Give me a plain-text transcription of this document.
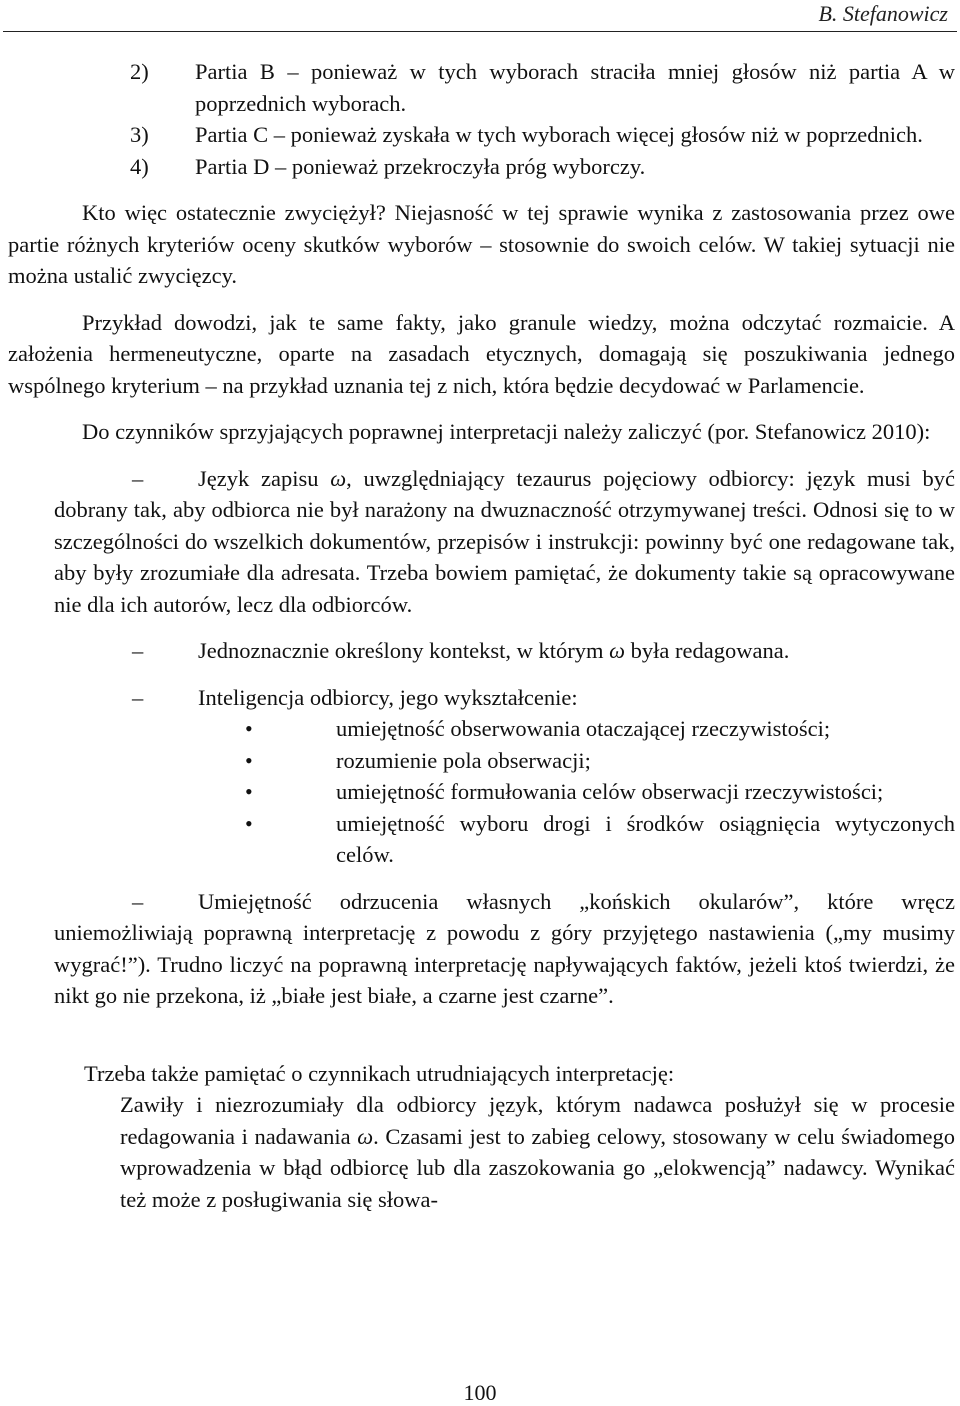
B. Stefanowicz
2) Partia B – ponieważ w tych wyborach straciła mniej głosów niż partia A w poprzednich wyborach.
3) Partia C – ponieważ zyskała w tych wyborach więcej głosów niż w poprzednich.
4) Partia D – ponieważ przekroczyła próg wyborczy.

Kto więc ostatecznie zwyciężył? Niejasność w tej sprawie wynika z zastosowania przez owe partie różnych kryteriów oceny skutków wyborów – stosownie do swoich celów. W takiej sytuacji nie można ustalić zwycięzcy.

Przykład dowodzi, jak te same fakty, jako granule wiedzy, można odczytać rozmaicie. A założenia hermeneutyczne, oparte na zasadach etycznych, domagają się poszukiwania jednego wspólnego kryterium – na przykład uznania tej z nich, która będzie decydować w Parlamencie.

Do czynników sprzyjających poprawnej interpretacji należy zaliczyć (por. Stefanowicz 2010):

– Język zapisu ω, uwzględniający tezaurus pojęciowy odbiorcy: język musi być dobrany tak, aby odbiorca nie był narażony na dwuznaczność otrzymywanej treści. Odnosi się to w szczególności do wszelkich dokumentów, przepisów i instrukcji: powinny być one redagowane tak, aby były zrozumiałe dla adresata. Trzeba bowiem pamiętać, że dokumenty takie są opracowywane nie dla ich autorów, lecz dla odbiorców.

– Jednoznacznie określony kontekst, w którym ω była redagowana.

– Inteligencja odbiorcy, jego wykształcenie:

•	umiejętność obserwowania otaczającej rzeczywistości;
•	rozumienie pola obserwacji;
•	umiejętność formułowania celów obserwacji rzeczywistości;
•	umiejętność wyboru drogi i środków osiągnięcia wytyczonych celów.

– Umiejętność odrzucenia własnych „końskich okularów”, które wręcz uniemożliwiają poprawną interpretację z powodu z góry przyjętego nastawienia („my musimy wygrać!”). Trudno liczyć na poprawną interpretację napływających faktów, jeżeli ktoś twierdzi, że nikt go nie przekona, iż „białe jest białe, a czarne jest czarne”.

Trzeba także pamiętać o czynnikach utrudniających interpretację:

Zawiły i niezrozumiały dla odbiorcy język, którym nadawca posłużył się w procesie redagowania i nadawania ω. Czasami jest to zabieg celowy, stosowany w celu świadomego wprowadzenia w błąd odbiorcę lub dla zaszokowania go „elokwencją” nadawcy. Wynikać też może z posługiwania się słowa-

100
